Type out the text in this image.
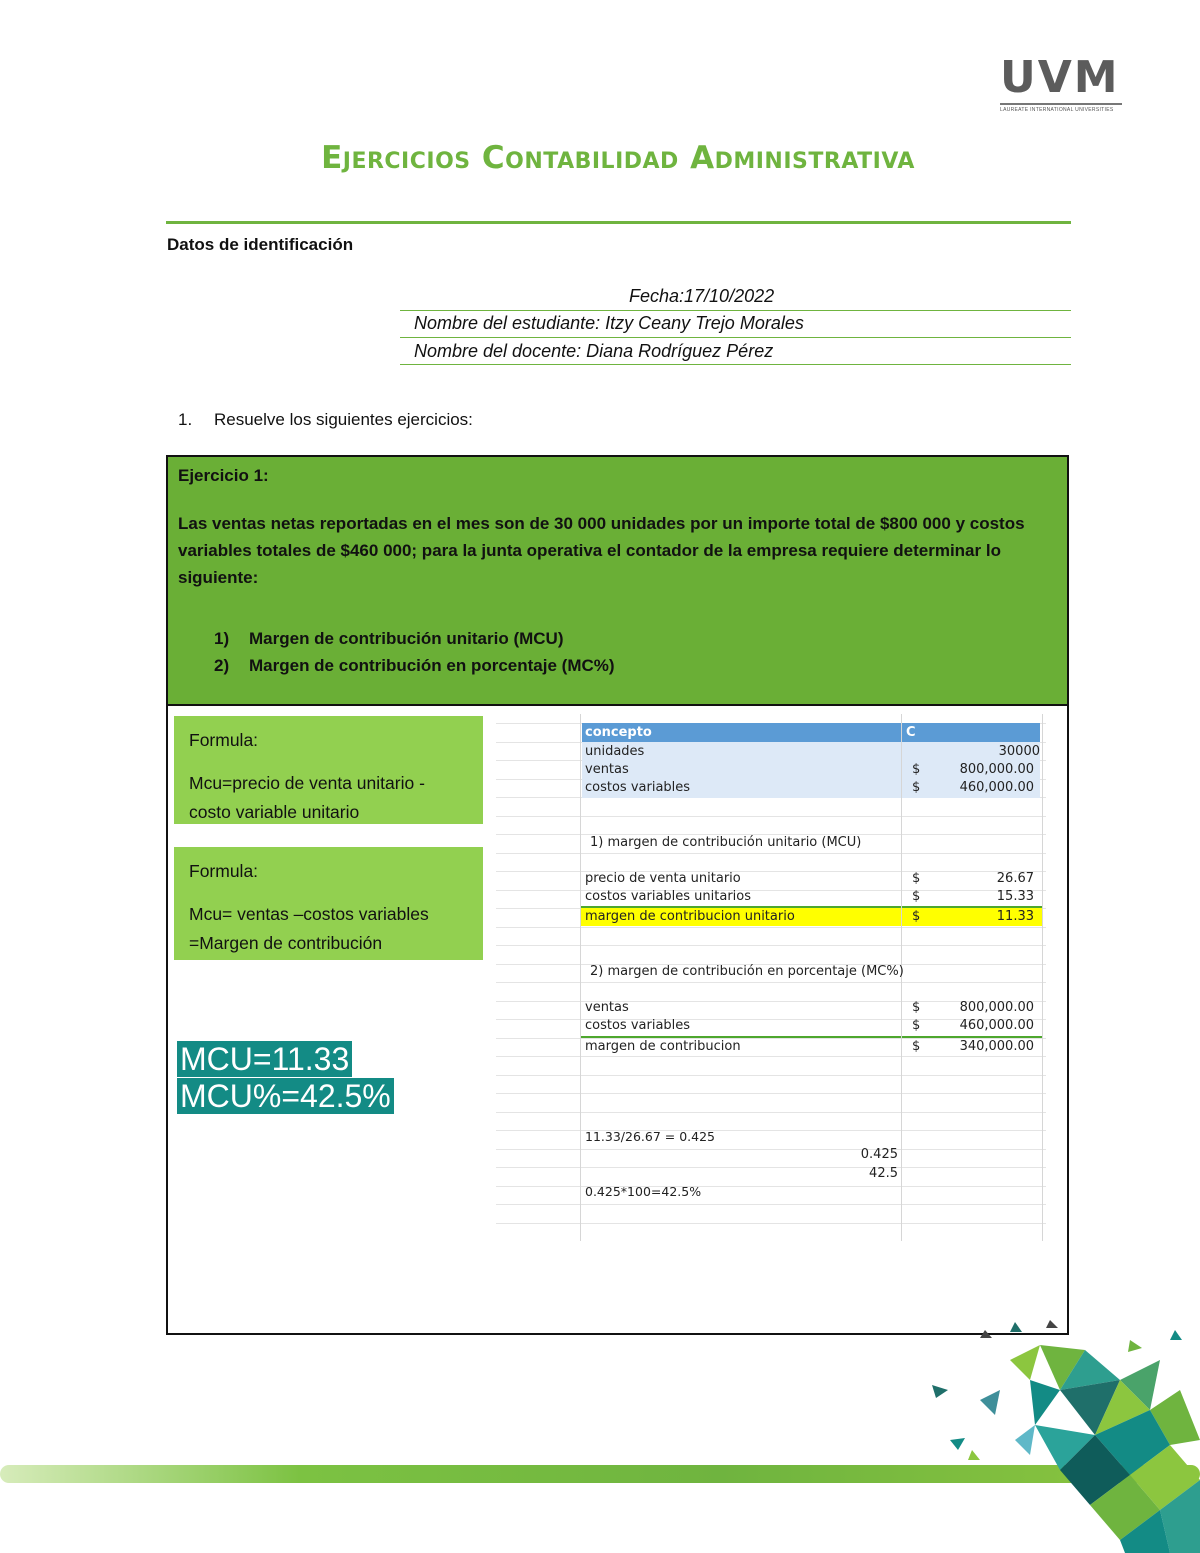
UVM
LAUREATE INTERNATIONAL UNIVERSITIES
Ejercicios Contabilidad Administrativa
Datos de identificación
Fecha:17/10/2022
Nombre del estudiante: Itzy Ceany Trejo Morales
Nombre del docente: Diana Rodríguez Pérez
1. Resuelve los siguientes ejercicios:
Ejercicio 1:
Las ventas netas reportadas en el mes son de 30 000 unidades por un importe total de $800 000 y costos variables totales de $460 000; para la junta operativa el contador de la empresa requiere determinar lo siguiente:
1) Margen de contribución unitario (MCU)
2) Margen de contribución en porcentaje (MC%)
Formula:
Mcu=precio de venta unitario -
costo variable unitario
Formula:
Mcu= ventas –costos variables
=Margen de contribución
MCU=11.33
MCU%=42.5%
concepto	C
unidades	30000
ventas	$	800,000.00
costos variables	$	460,000.00
1) margen de contribución unitario (MCU)
precio de venta unitario	$	26.67
costos variables unitarios	$	15.33
margen de contribucion unitario	$	11.33
2) margen de contribución en porcentaje (MC%)
ventas	$	800,000.00
costos variables	$	460,000.00
margen de contribucion	$	340,000.00
11.33/26.67 = 0.425
0.425
42.5
0.425*100=42.5%
